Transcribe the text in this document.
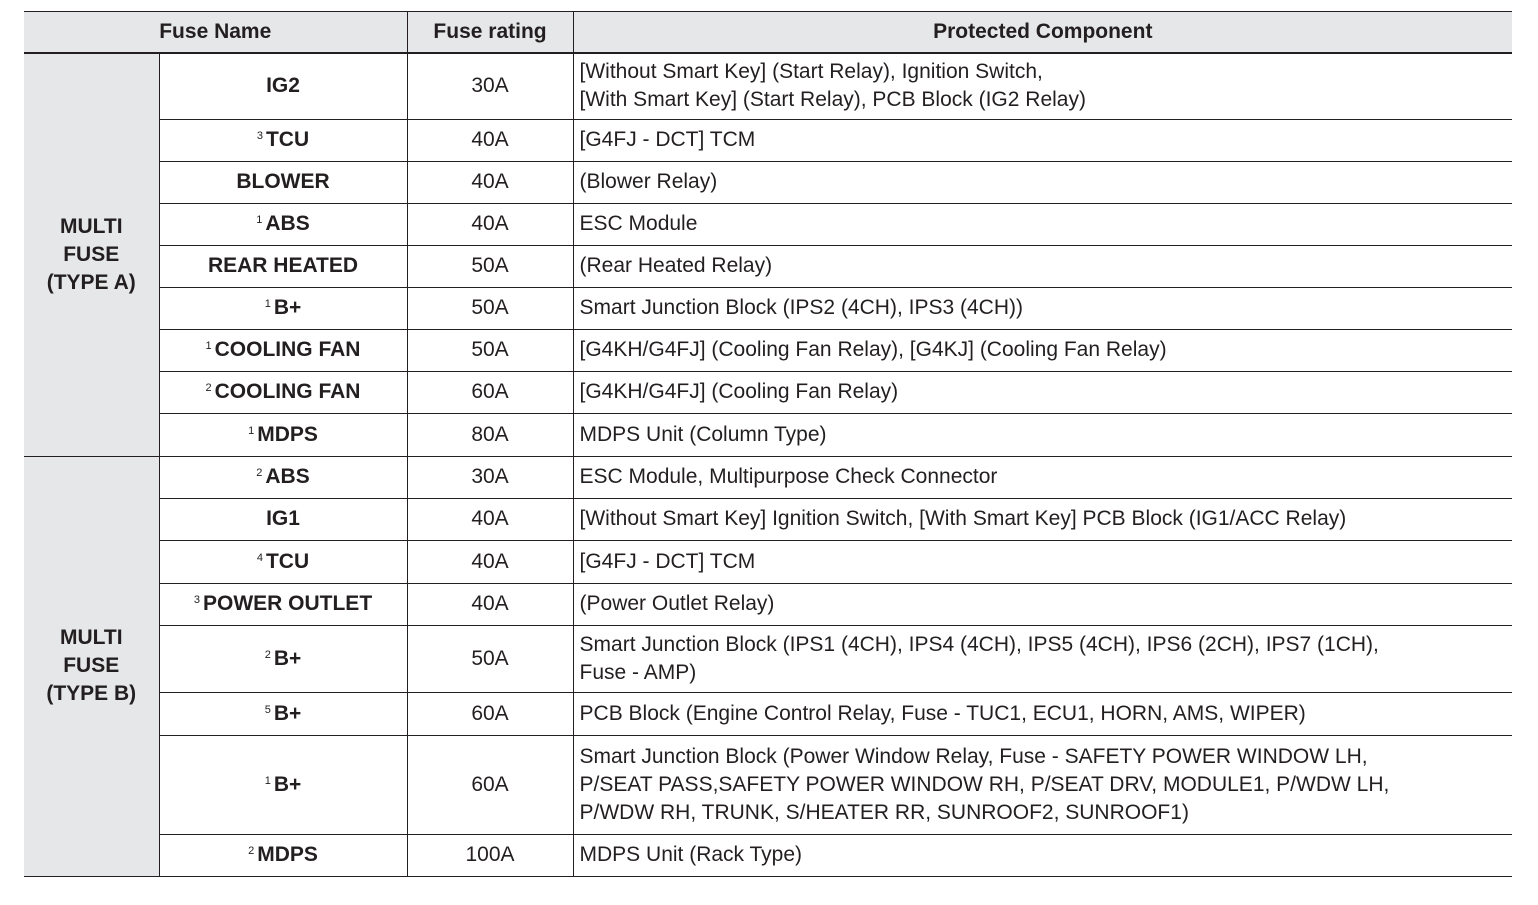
Fuse Name		Fuse rating	Protected Component

MULTI
FUSE
(TYPE A)	IG2	30A	[Without Smart Key] (Start Relay), Ignition Switch,
[With Smart Key] (Start Relay), PCB Block (IG2 Relay)

	$^3$ TCU	40A	[G4FJ - DCT] TCM

	BLOWER	40A	(Blower Relay)

	$^1$ ABS	40A	ESC Module

	REAR HEATED	50A	(Rear Heated Relay)

	$^1$ B+	50A	Smart Junction Block (IPS2 (4CH), IPS3 (4CH))

	$^1$ COOLING FAN	50A	[G4KH/G4FJ] (Cooling Fan Relay), [G4KJ] (Cooling Fan Relay)

	$^2$ COOLING FAN	60A	[G4KH/G4FJ] (Cooling Fan Relay)

	$^1$ MDPS	80A	MDPS Unit (Column Type)

MULTI
FUSE
(TYPE B)	$^2$ ABS	30A	ESC Module, Multipurpose Check Connector

	IG1	40A	[Without Smart Key] Ignition Switch, [With Smart Key] PCB Block (IG1/ACC Relay)

	$^4$ TCU	40A	[G4FJ - DCT] TCM

	$^3$ POWER OUTLET	40A	(Power Outlet Relay)

	$^2$ B+	50A	Smart Junction Block (IPS1 (4CH), IPS4 (4CH), IPS5 (4CH), IPS6 (2CH), IPS7 (1CH),
Fuse - AMP)

	$^5$ B+	60A	PCB Block (Engine Control Relay, Fuse - TUC1, ECU1, HORN, AMS, WIPER)

	$^1$ B+	60A	Smart Junction Block (Power Window Relay, Fuse - SAFETY POWER WINDOW LH,
P/SEAT PASS,SAFETY POWER WINDOW RH, P/SEAT DRV, MODULE1, P/WDW LH,
P/WDW RH, TRUNK, S/HEATER RR, SUNROOF2, SUNROOF1)

	$^2$ MDPS	100A	MDPS Unit (Rack Type)
